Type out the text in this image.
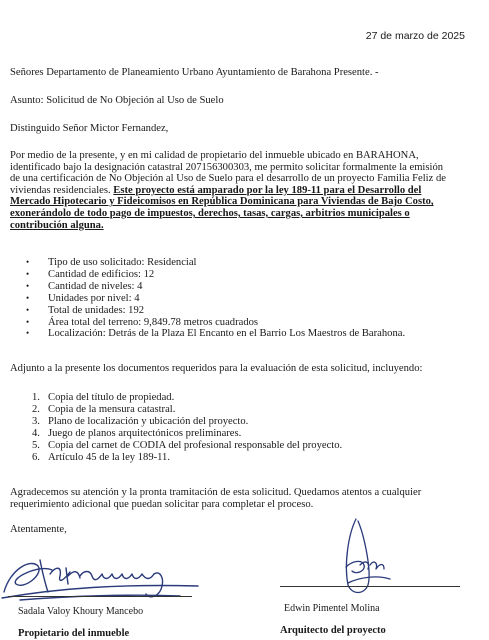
27 de marzo de 2025
Señores Departamento de Planeamiento Urbano Ayuntamiento de Barahona Presente. -
Asunto: Solicitud de No Objeción al Uso de Suelo
Distinguido Señor Mictor Fernandez,
Por medio de la presente, y en mi calidad de propietario del inmueble ubicado en BARAHONA,
identificado bajo la designación catastral 207156300303, me permito solicitar formalmente la emisión
de una certificación de No Objeción al Uso de Suelo para el desarrollo de un proyecto Familia Feliz de
viviendas residenciales. Este proyecto está amparado por la ley 189-11 para el Desarrollo del
Mercado Hipotecario y Fideicomisos en República Dominicana para Viviendas de Bajo Costo,
exonerándolo de todo pago de impuestos, derechos, tasas, cargas, arbitrios municipales o
contribución alguna.
• Tipo de uso solicitado: Residencial
• Cantidad de edificios: 12
• Cantidad de niveles: 4
• Unidades por nivel: 4
• Total de unidades: 192
• Área total del terreno: 9,849.78 metros cuadrados
• Localización: Detrás de la Plaza El Encanto en el Barrio Los Maestros de Barahona.
Adjunto a la presente los documentos requeridos para la evaluación de esta solicitud, incluyendo:
1. Copia del título de propiedad.
2. Copia de la mensura catastral.
3. Plano de localización y ubicación del proyecto.
4. Juego de planos arquitectónicos preliminares.
5. Copia del carnet de CODIA del profesional responsable del proyecto.
6. Artículo 45 de la ley 189-11.
Agradecemos su atención y la pronta tramitación de esta solicitud. Quedamos atentos a cualquier
requerimiento adicional que puedan solicitar para completar el proceso.
Atentamente,
Sadala Valoy Khoury Mancebo	Edwin Pimentel Molina
Propietario del inmueble	Arquitecto del proyecto
